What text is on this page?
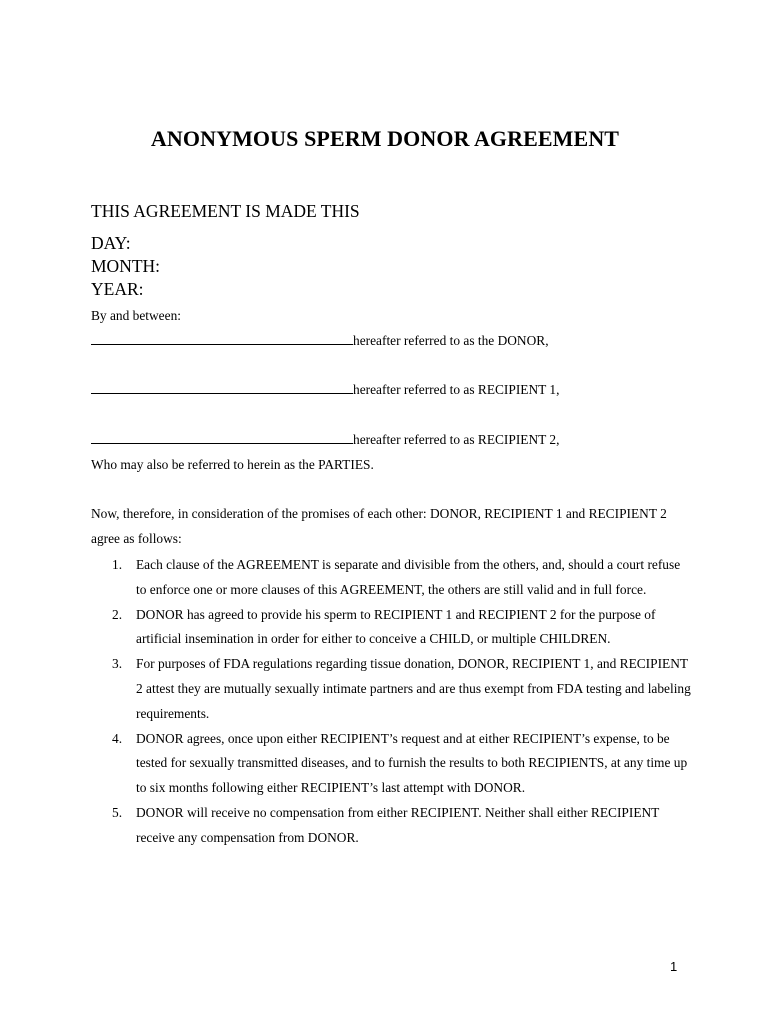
ANONYMOUS SPERM DONOR AGREEMENT
THIS AGREEMENT IS MADE THIS
DAY:
MONTH:
YEAR:
By and between:
hereafter referred to as the DONOR,
hereafter referred to as RECIPIENT 1,
hereafter referred to as RECIPIENT 2,
Who may also be referred to herein as the PARTIES.
Now, therefore, in consideration of the promises of each other: DONOR, RECIPIENT 1 and RECIPIENT 2 agree as follows:
1. Each clause of the AGREEMENT is separate and divisible from the others, and, should a court refuse to enforce one or more clauses of this AGREEMENT, the others are still valid and in full force.
2. DONOR has agreed to provide his sperm to RECIPIENT 1 and RECIPIENT 2 for the purpose of artificial insemination in order for either to conceive a CHILD, or multiple CHILDREN.
3. For purposes of FDA regulations regarding tissue donation, DONOR, RECIPIENT 1, and RECIPIENT 2 attest they are mutually sexually intimate partners and are thus exempt from FDA testing and labeling requirements.
4. DONOR agrees, once upon either RECIPIENT’s request and at either RECIPIENT’s expense, to be tested for sexually transmitted diseases, and to furnish the results to both RECIPIENTS, at any time up to six months following either RECIPIENT’s last attempt with DONOR.
5. DONOR will receive no compensation from either RECIPIENT. Neither shall either RECIPIENT receive any compensation from DONOR.
1
